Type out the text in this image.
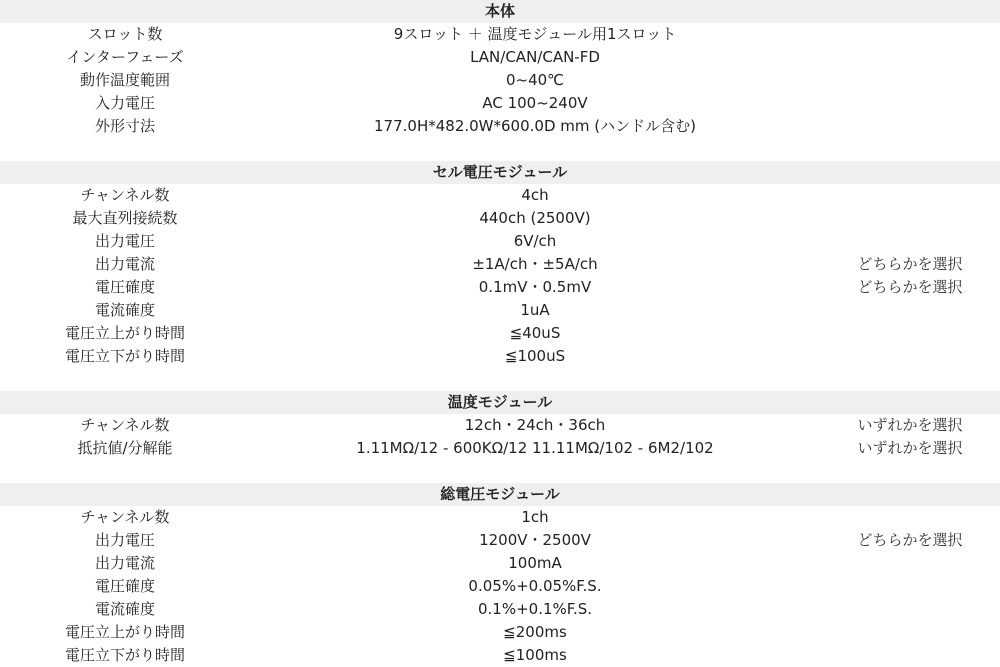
本体		
スロット数	9スロット ＋ 温度モジュール用1スロット	
インターフェーズ	LAN/CAN/CAN-FD	
動作温度範囲	0~40℃	
入力電圧	AC 100~240V	
外形寸法	177.0H*482.0W*600.0D mm (ハンドル含む)	

セル電圧モジュール		
チャンネル数	4ch	
最大直列接続数	440ch (2500V)	
出力電圧	6V/ch	
出力電流	±1A/ch・±5A/ch	どちらかを選択
電圧確度	0.1mV・0.5mV	どちらかを選択
電流確度	1uA	
電圧立上がり時間	≦40uS	
電圧立下がり時間	≦100uS	

温度モジュール		
チャンネル数	12ch・24ch・36ch	いずれかを選択
抵抗値/分解能	1.11MΩ/12 - 600KΩ/12 11.11MΩ/102 - 6M2/102	いずれかを選択

総電圧モジュール		
チャンネル数	1ch	
出力電圧	1200V・2500V	どちらかを選択
出力電流	100mA	
電圧確度	0.05%+0.05%F.S.	
電流確度	0.1%+0.1%F.S.	
電圧立上がり時間	≦200ms	
電圧立下がり時間	≦100ms	
